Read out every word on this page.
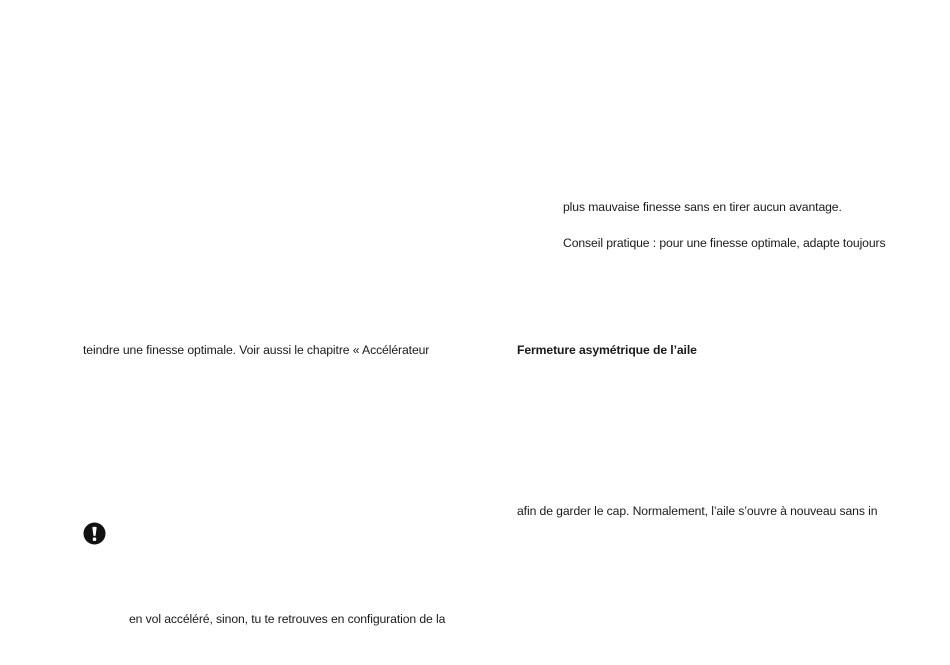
plus mauvaise finesse sans en tirer aucun avantage.
Conseil pratique : pour une finesse optimale, adapte toujours
teindre une finesse optimale. Voir aussi le chapitre « Accélérateur	Fermeture asymétrique de l’aile
afin de garder le cap. Normalement, l’aile s’ouvre à nouveau sans in
en vol accéléré, sinon, tu te retrouves en configuration de la
